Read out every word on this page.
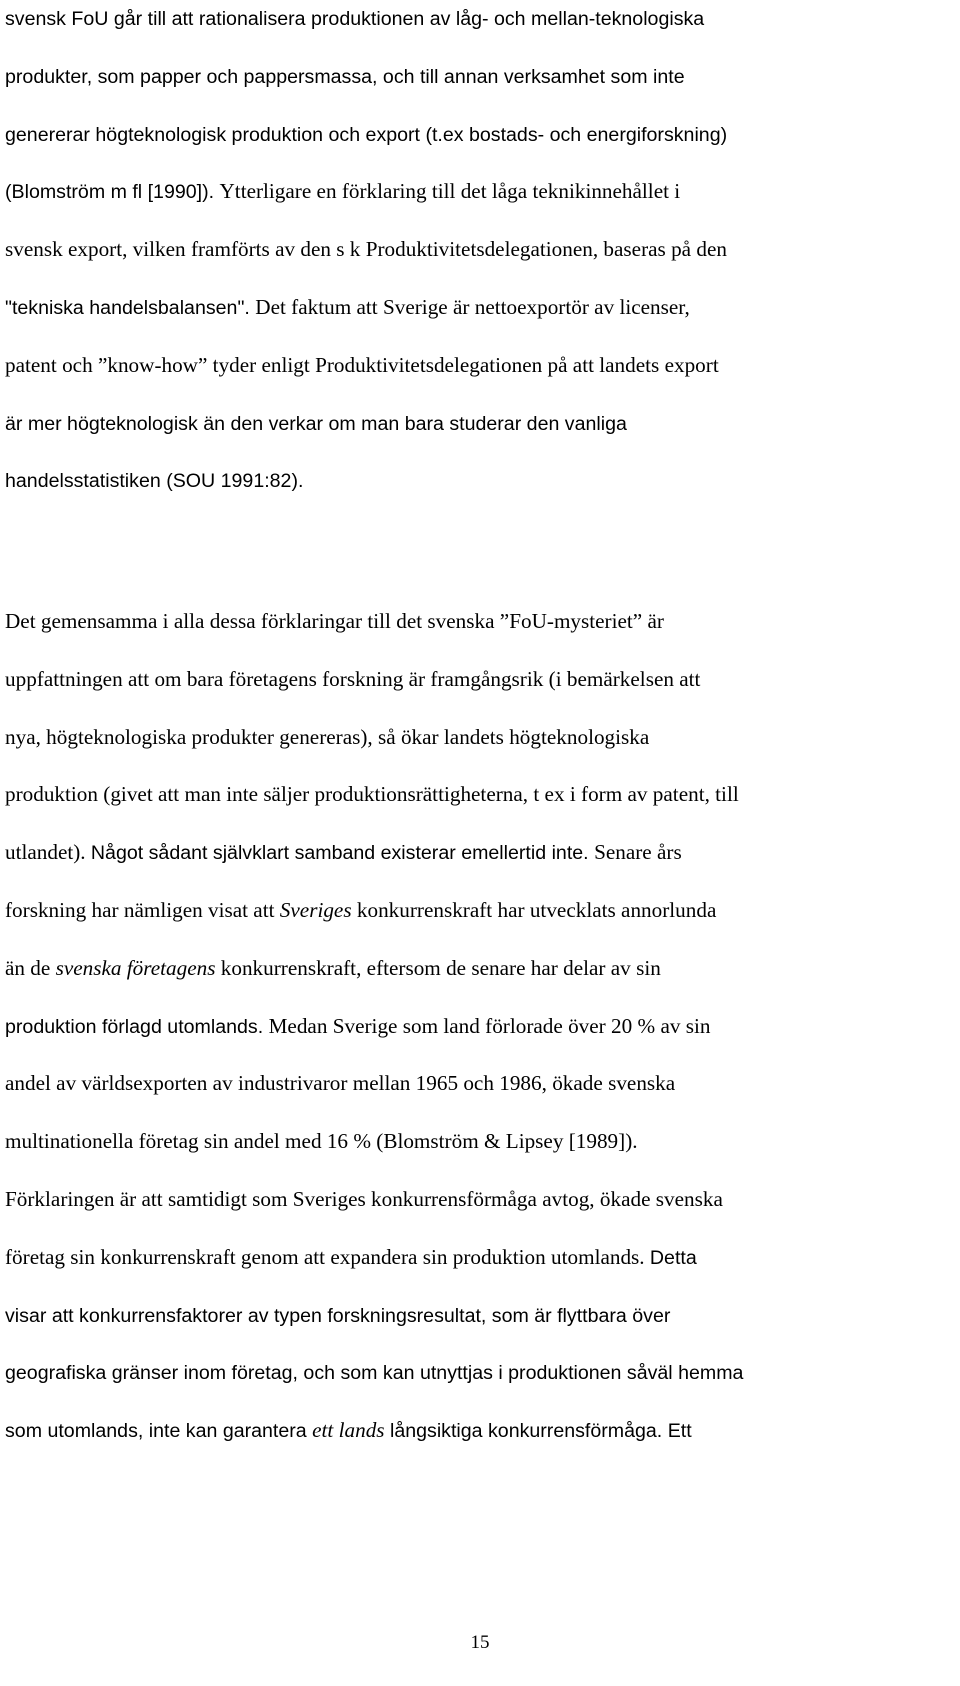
svensk FoU går till att rationalisera produktionen av låg- och mellan-teknologiska
produkter, som papper och pappersmassa, och till annan verksamhet som inte
genererar högteknologisk produktion och export (t.ex bostads- och energiforskning)
(Blomström m fl [1990]). Ytterligare en förklaring till det låga teknikinnehållet i
svensk export, vilken framförts av den s k Produktivitetsdelegationen, baseras på den
"tekniska handelsbalansen". Det faktum att Sverige är nettoexportör av licenser,
patent och ”know-how” tyder enligt Produktivitetsdelegationen på att landets export
är mer högteknologisk än den verkar om man bara studerar den vanliga
handelsstatistiken (SOU 1991:82).
Det gemensamma i alla dessa förklaringar till det svenska ”FoU-mysteriet” är
uppfattningen att om bara företagens forskning är framgångsrik (i bemärkelsen att
nya, högteknologiska produkter genereras), så ökar landets högteknologiska
produktion (givet att man inte säljer produktionsrättigheterna, t ex i form av patent, till
utlandet). Något sådant självklart samband existerar emellertid inte. Senare års
forskning har nämligen visat att Sveriges konkurrenskraft har utvecklats annorlunda
än de svenska företagens konkurrenskraft, eftersom de senare har delar av sin
produktion förlagd utomlands. Medan Sverige som land förlorade över 20 % av sin
andel av världsexporten av industrivaror mellan 1965 och 1986, ökade svenska
multinationella företag sin andel med 16 % (Blomström & Lipsey [1989]).
Förklaringen är att samtidigt som Sveriges konkurrensförmåga avtog, ökade svenska
företag sin konkurrenskraft genom att expandera sin produktion utomlands. Detta
visar att konkurrensfaktorer av typen forskningsresultat, som är flyttbara över
geografiska gränser inom företag, och som kan utnyttjas i produktionen såväl hemma
som utomlands, inte kan garantera ett lands långsiktiga konkurrensförmåga. Ett
15
